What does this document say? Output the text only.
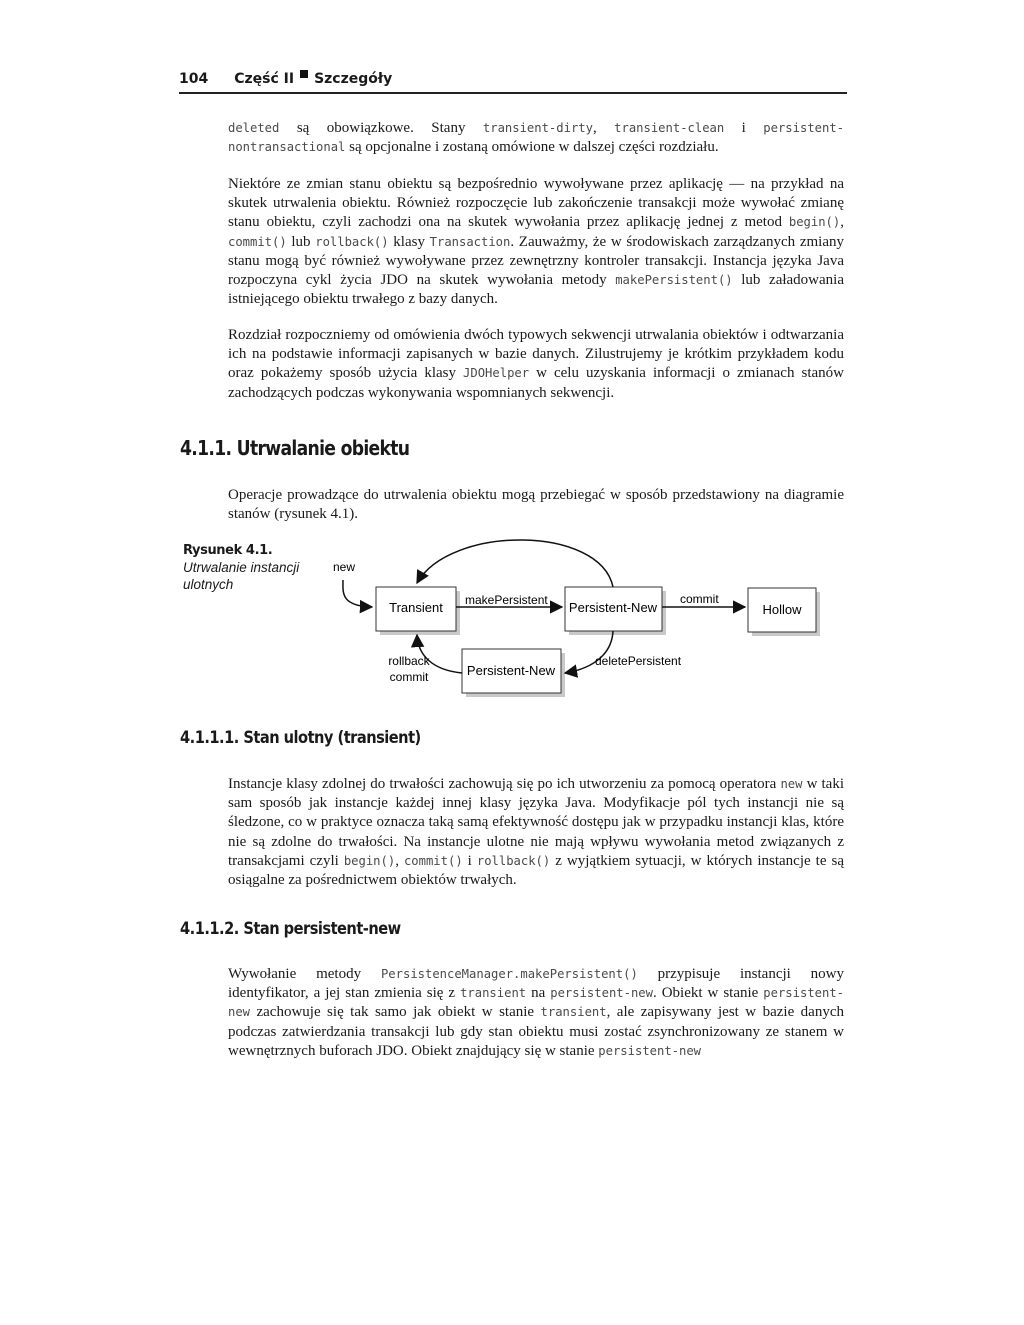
104 Część II Szczegóły

deleted są obowiązkowe. Stany transient-dirty, transient-clean i persistent-nontransactional są opcjonalne i zostaną omówione w dalszej części rozdziału.

Niektóre ze zmian stanu obiektu są bezpośrednio wywoływane przez aplikację — na przykład na skutek utrwalenia obiektu. Również rozpoczęcie lub zakończenie transakcji może wywołać zmianę stanu obiektu, czyli zachodzi ona na skutek wywołania przez aplikację jednej z metod begin(), commit() lub rollback() klasy Transaction. Zauważmy, że w środowiskach zarządzanych zmiany stanu mogą być również wywoływane przez zewnętrzny kontroler transakcji. Instancja języka Java rozpoczyna cykl życia JDO na skutek wywołania metody makePersistent() lub załadowania istniejącego obiektu trwałego z bazy danych.

Rozdział rozpoczniemy od omówienia dwóch typowych sekwencji utrwalania obiektów i odtwarzania ich na podstawie informacji zapisanych w bazie danych. Zilustrujemy je krótkim przykładem kodu oraz pokażemy sposób użycia klasy JDOHelper w celu uzyskania informacji o zmianach stanów zachodzących podczas wykonywania wspomnianych sekwencji.

4.1.1. Utrwalanie obiektu

Operacje prowadzące do utrwalenia obiektu mogą przebiegać w sposób przedstawiony na diagramie stanów (rysunek 4.1).

Rysunek 4.1.
Utrwalanie instancji ulotnych
Transient	Persistent-New	Hollow
Persistent-New
new
makePersistent	commit
deletePersistent
rollback
commit
4.1.1.1. Stan ulotny (transient)

Instancje klasy zdolnej do trwałości zachowują się po ich utworzeniu za pomocą operatora new w taki sam sposób jak instancje każdej innej klasy języka Java. Modyfikacje pól tych instancji nie są śledzone, co w praktyce oznacza taką samą efektywność dostępu jak w przypadku instancji klas, które nie są zdolne do trwałości. Na instancje ulotne nie mają wpływu wywołania metod związanych z transakcjami czyli begin(), commit() i rollback() z wyjątkiem sytuacji, w których instancje te są osiągalne za pośrednictwem obiektów trwałych.

4.1.1.2. Stan persistent-new

Wywołanie metody PersistenceManager.makePersistent() przypisuje instancji nowy identyfikator, a jej stan zmienia się z transient na persistent-new. Obiekt w stanie persistent-new zachowuje się tak samo jak obiekt w stanie transient, ale zapisywany jest w bazie danych podczas zatwierdzania transakcji lub gdy stan obiektu musi zostać zsynchronizowany ze stanem w wewnętrznych buforach JDO. Obiekt znajdujący się w stanie persistent-new
